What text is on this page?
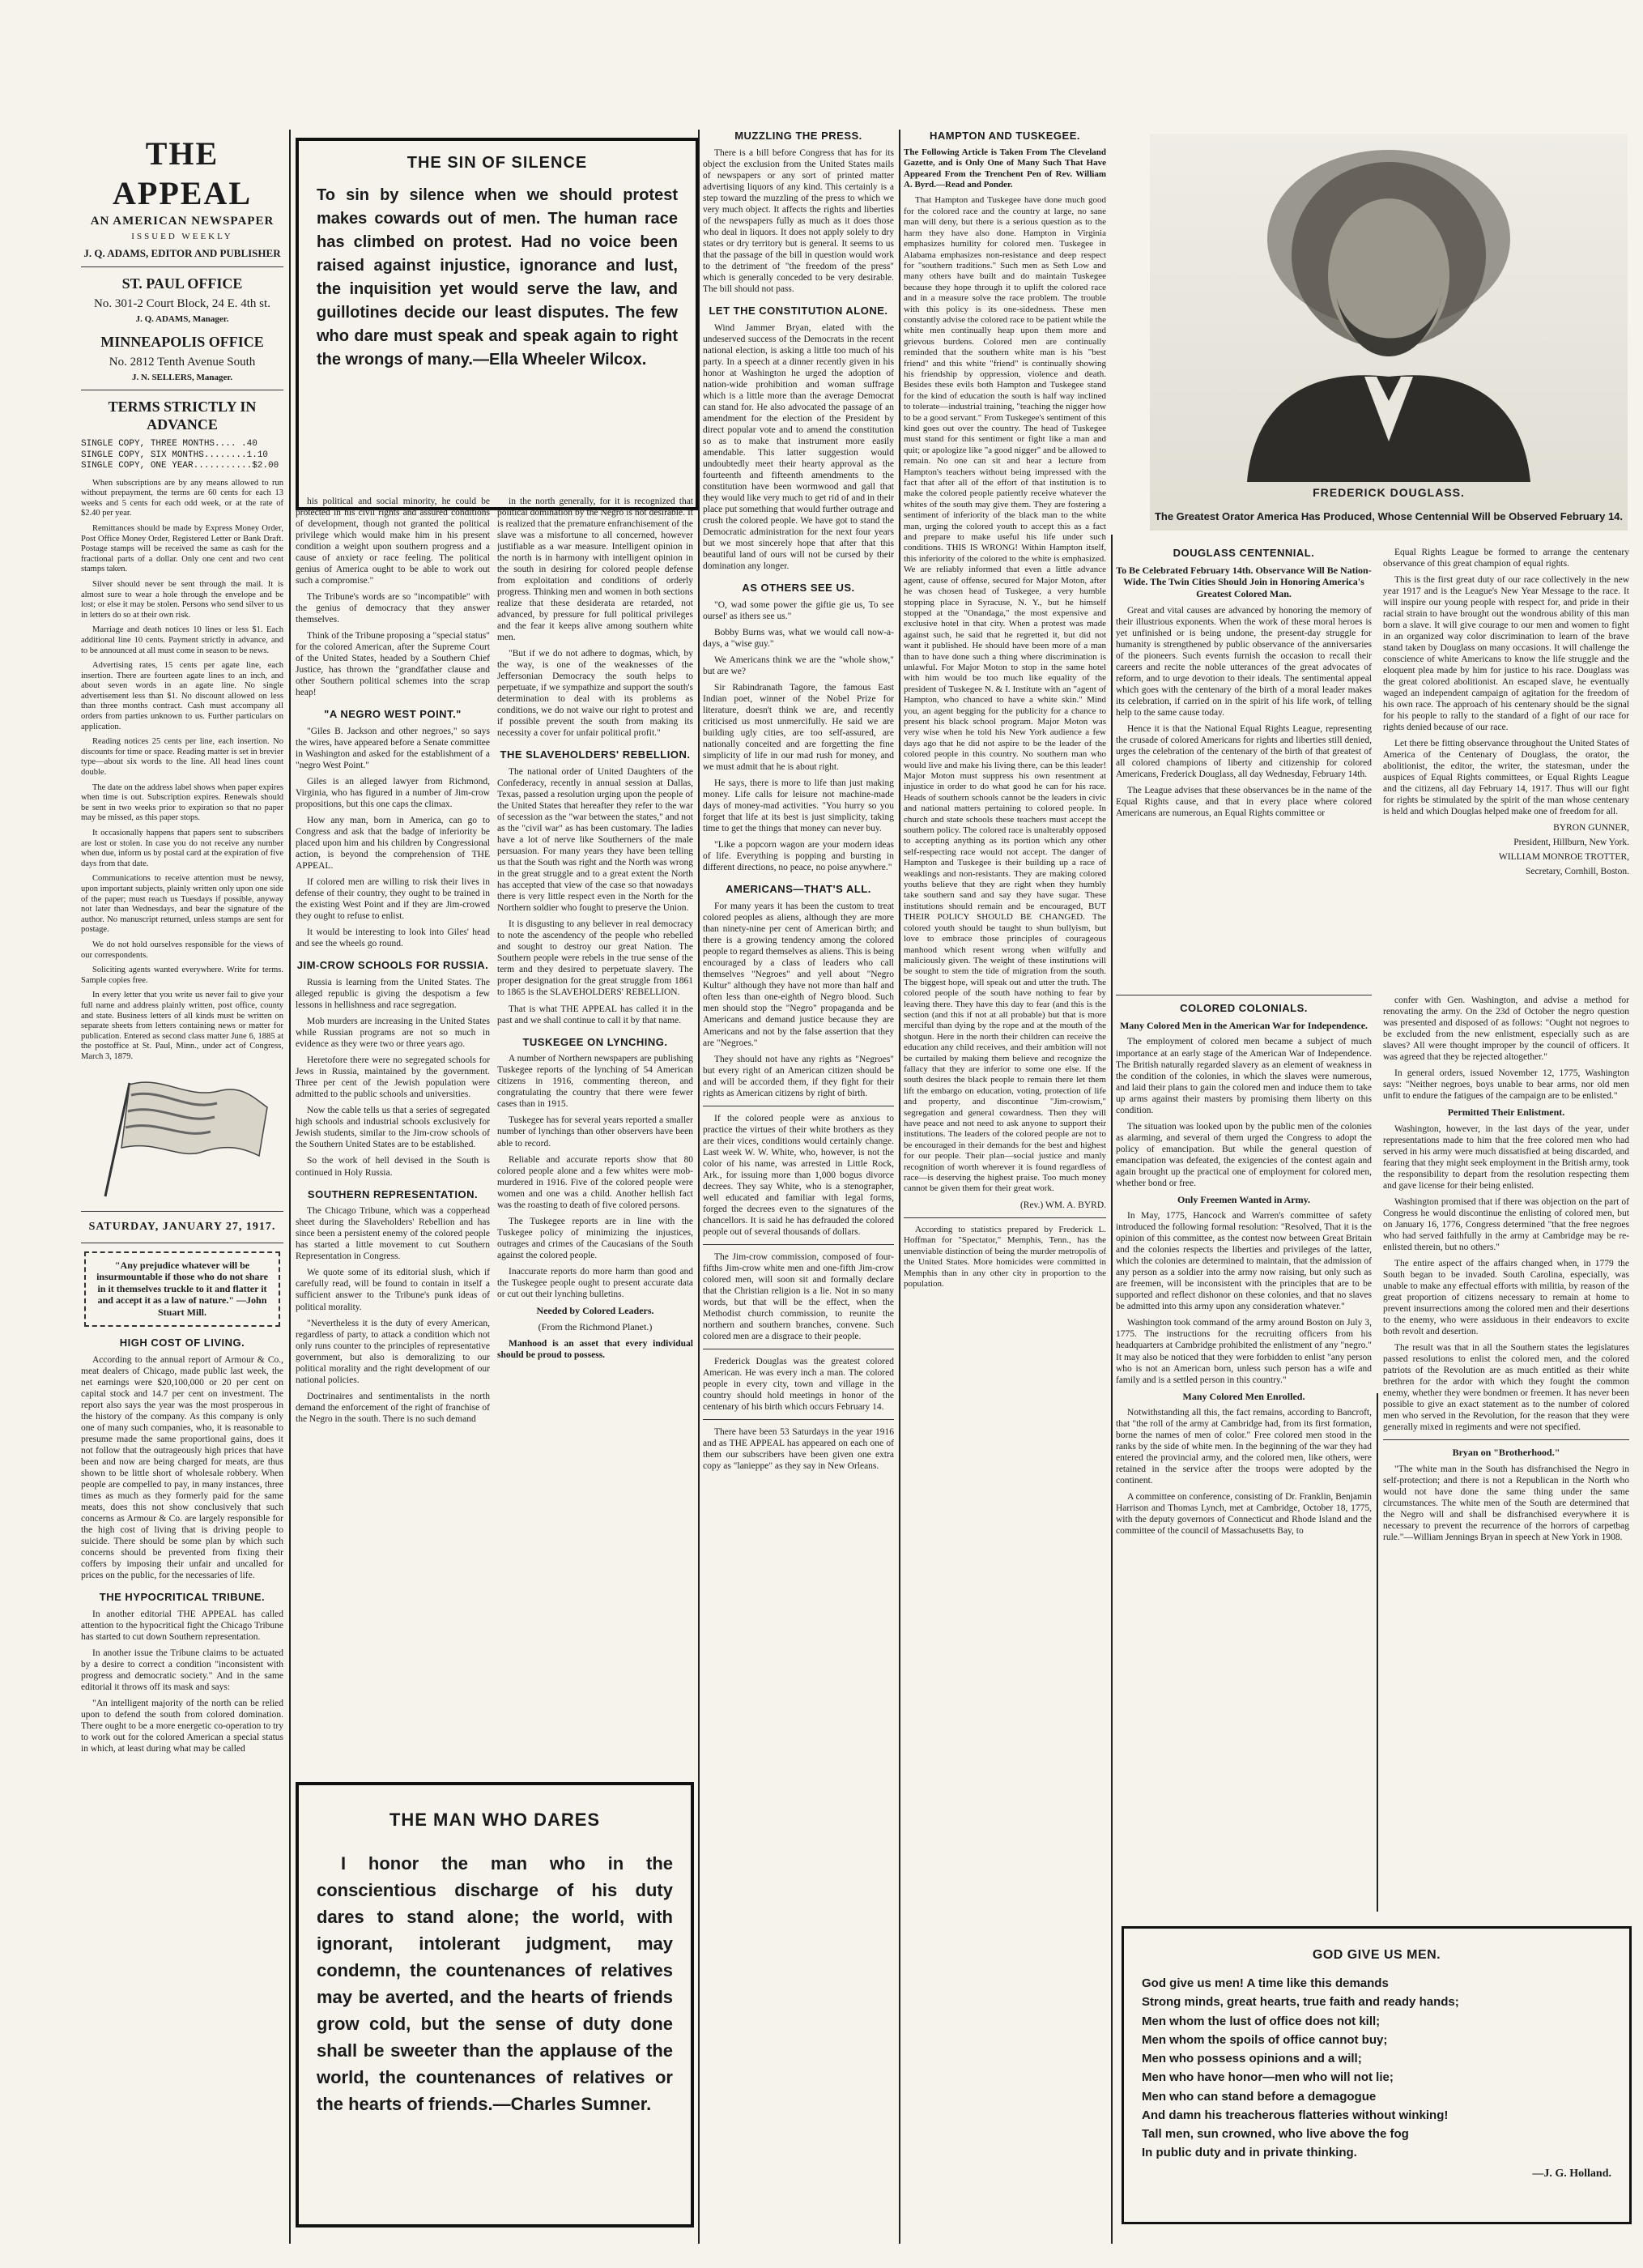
THE APPEAL
AN AMERICAN NEWSPAPER
ISSUED WEEKLY
J. Q. ADAMS, EDITOR AND PUBLISHER
ST. PAUL OFFICE
No. 301-2 Court Block, 24 E. 4th st.
J. Q. ADAMS, Manager.
MINNEAPOLIS OFFICE
No. 2812 Tenth Avenue South
J. N. SELLERS, Manager.
TERMS STRICTLY IN ADVANCE
SINGLE COPY, THREE MONTHS.... .40
SINGLE COPY, SIX MONTHS........1.10
SINGLE COPY, ONE YEAR...........$2.00

When subscriptions are by any means allowed to run without prepayment, the terms are 60 cents for each 13 weeks and 5 cents for each odd week, or at the rate of $2.40 per year.

Remittances should be made by Express Money Order, Post Office Money Order, Registered Letter or Bank Draft. Postage stamps will be received the same as cash for the fractional parts of a dollar. Only one cent and two cent stamps taken.

Silver should never be sent through the mail. It is almost sure to wear a hole through the envelope and be lost; or else it may be stolen. Persons who send silver to us in letters do so at their own risk.

Marriage and death notices 10 lines or less $1. Each additional line 10 cents. Payment strictly in advance, and to be announced at all must come in season to be news.

Advertising rates, 15 cents per agate line, each insertion. There are fourteen agate lines to an inch, and about seven words in an agate line. No single advertisement less than $1. No discount allowed on less than three months contract. Cash must accompany all orders from parties unknown to us. Further particulars on application.

Reading notices 25 cents per line, each insertion. No discounts for time or space. Reading matter is set in brevier type—about six words to the line. All head lines count double.

The date on the address label shows when paper expires when time is out. Subscription expires. Renewals should be sent in two weeks prior to expiration so that no paper may be missed, as this paper stops.

It occasionally happens that papers sent to subscribers are lost or stolen. In case you do not receive any number when due, inform us by postal card at the expiration of five days from that date.

Communications to receive attention must be newsy, upon important subjects, plainly written only upon one side of the paper; must reach us Tuesdays if possible, anyway not later than Wednesdays, and bear the signature of the author. No manuscript returned, unless stamps are sent for postage.

We do not hold ourselves responsible for the views of our correspondents.

Soliciting agents wanted everywhere. Write for terms. Sample copies free.

In every letter that you write us never fail to give your full name and address plainly written, post office, county and state. Business letters of all kinds must be written on separate sheets from letters containing news or matter for publication. Entered as second class matter June 6, 1885 at the postoffice at St. Paul, Minn., under act of Congress, March 3, 1879.

SATURDAY, JANUARY 27, 1917.
"Any prejudice whatever will be insurmountable if those who do not share in it themselves truckle to it and flatter it and accept it as a law of nature." —John Stuart Mill.
HIGH COST OF LIVING.

According to the annual report of Armour & Co., meat dealers of Chicago, made public last week, the net earnings were $20,100,000 or 20 per cent on capital stock and 14.7 per cent on investment. The report also says the year was the most prosperous in the history of the company. As this company is only one of many such companies, who, it is reasonable to presume made the same proportional gains, does it not follow that the outrageously high prices that have been and now are being charged for meats, are thus shown to be little short of wholesale robbery. When people are compelled to pay, in many instances, three times as much as they formerly paid for the same meats, does this not show conclusively that such concerns as Armour & Co. are largely responsible for the high cost of living that is driving people to suicide. There should be some plan by which such concerns should be prevented from fixing their coffers by imposing their unfair and uncalled for prices on the public, for the necessaries of life.

THE HYPOCRITICAL TRIBUNE.

In another editorial THE APPEAL has called attention to the hypocritical fight the Chicago Tribune has started to cut down Southern representation.

In another issue the Tribune claims to be actuated by a desire to correct a condition "inconsistent with progress and democratic society." And in the same editorial it throws off its mask and says:

"An intelligent majority of the north can be relied upon to defend the south from colored domination. There ought to be a more energetic co-operation to try to work out for the colored American a special status in which, at least during what may be called

THE SIN OF SILENCE
To sin by silence when we should protest makes cowards out of men. The human race has climbed on protest. Had no voice been raised against injustice, ignorance and lust, the inquisition yet would serve the law, and guillotines decide our least disputes. The few who dare must speak and speak again to right the wrongs of many.—Ella Wheeler Wilcox.

his political and social minority, he could be protected in his civil rights and assured conditions of development, though not granted the political privilege which would make him in his present condition a weight upon southern progress and a cause of anxiety or race feeling. The political genius of America ought to be able to work out such a compromise."

The Tribune's words are so "incompatible" with the genius of democracy that they answer themselves.

Think of the Tribune proposing a "special status" for the colored American, after the Supreme Court of the United States, headed by a Southern Chief Justice, has thrown the "grandfather clause and other Southern political schemes into the scrap heap!

"A NEGRO WEST POINT."

"Giles B. Jackson and other negroes," so says the wires, have appeared before a Senate committee in Washington and asked for the establishment of a "negro West Point."

Giles is an alleged lawyer from Richmond, Virginia, who has figured in a number of Jim-crow propositions, but this one caps the climax.

How any man, born in America, can go to Congress and ask that the badge of inferiority be placed upon him and his children by Congressional action, is beyond the comprehension of THE APPEAL.

If colored men are willing to risk their lives in defense of their country, they ought to be trained in the existing West Point and if they are Jim-crowed they ought to refuse to enlist.

It would be interesting to look into Giles' head and see the wheels go round.

JIM-CROW SCHOOLS FOR RUSSIA.

Russia is learning from the United States. The alleged republic is giving the despotism a few lessons in hellishness and race segregation.

Mob murders are increasing in the United States while Russian programs are not so much in evidence as they were two or three years ago.

Heretofore there were no segregated schools for Jews in Russia, maintained by the government. Three per cent of the Jewish population were admitted to the public schools and universities.

Now the cable tells us that a series of segregated high schools and industrial schools exclusively for Jewish students, similar to the Jim-crow schools of the Southern United States are to be established.

So the work of hell devised in the South is continued in Holy Russia.

SOUTHERN REPRESENTATION.

The Chicago Tribune, which was a copperhead sheet during the Slaveholders' Rebellion and has since been a persistent enemy of the colored people has started a little movement to cut Southern Representation in Congress.

We quote some of its editorial slush, which if carefully read, will be found to contain in itself a sufficient answer to the Tribune's punk ideas of political morality.

"Nevertheless it is the duty of every American, regardless of party, to attack a condition which not only runs counter to the principles of representative government, but also is demoralizing to our political morality and the right development of our national policies.

Doctrinaires and sentimentalists in the north demand the enforcement of the right of franchise of the Negro in the south. There is no such demand

in the north generally, for it is recognized that political domination by the Negro is not desirable. It is realized that the premature enfranchisement of the slave was a misfortune to all concerned, however justifiable as a war measure. Intelligent opinion in the north is in harmony with intelligent opinion in the south in desiring for colored people defense from exploitation and conditions of orderly progress. Thinking men and women in both sections realize that these desiderata are retarded, not advanced, by pressure for full political privileges and the fear it keeps alive among southern white men.

"But if we do not adhere to dogmas, which, by the way, is one of the weaknesses of the Jeffersonian Democracy the south helps to perpetuate, if we sympathize and support the south's determination to deal with its problems as conditions, we do not waive our right to protest and if possible prevent the south from making its necessity a cover for unfair political profit."

THE SLAVEHOLDERS' REBELLION.

The national order of United Daughters of the Confederacy, recently in annual session at Dallas, Texas, passed a resolution urging upon the people of the United States that hereafter they refer to the war of secession as the "war between the states," and not as the "civil war" as has been customary. The ladies have a lot of nerve like Southerners of the male persuasion. For many years they have been telling us that the South was right and the North was wrong in the great struggle and to a great extent the North has accepted that view of the case so that nowadays there is very little respect even in the North for the Northern soldier who fought to preserve the Union.

It is disgusting to any believer in real democracy to note the ascendency of the people who rebelled and sought to destroy our great Nation. The Southern people were rebels in the true sense of the term and they desired to perpetuate slavery. The proper designation for the great struggle from 1861 to 1865 is the SLAVEHOLDERS' REBELLION.

That is what THE APPEAL has called it in the past and we shall continue to call it by that name.

TUSKEGEE ON LYNCHING.

A number of Northern newspapers are publishing Tuskegee reports of the lynching of 54 American citizens in 1916, commenting thereon, and congratulating the country that there were fewer cases than in 1915.

Tuskegee has for several years reported a smaller number of lynchings than other observers have been able to record.

Reliable and accurate reports show that 80 colored people alone and a few whites were mob-murdered in 1916. Five of the colored people were women and one was a child. Another hellish fact was the roasting to death of five colored persons.

The Tuskegee reports are in line with the Tuskegee policy of minimizing the injustices, outrages and crimes of the Caucasians of the South against the colored people.

Inaccurate reports do more harm than good and the Tuskegee people ought to present accurate data or cut out their lynching bulletins.

Needed by Colored Leaders.
(From the Richmond Planet.)

Manhood is an asset that every individual should be proud to possess.

THE MAN WHO DARES
I honor the man who in the conscientious discharge of his duty dares to stand alone; the world, with ignorant, intolerant judgment, may condemn, the countenances of relatives may be averted, and the hearts of friends grow cold, but the sense of duty done shall be sweeter than the applause of the world, the countenances of relatives or the hearts of friends.—Charles Sumner.
MUZZLING THE PRESS.

There is a bill before Congress that has for its object the exclusion from the United States mails of newspapers or any sort of printed matter advertising liquors of any kind. This certainly is a step toward the muzzling of the press to which we very much object. It affects the rights and liberties of the newspapers fully as much as it does those who deal in liquors. It does not apply solely to dry states or dry territory but is general. It seems to us that the passage of the bill in question would work to the detriment of "the freedom of the press" which is generally conceded to be very desirable. The bill should not pass.

LET THE CONSTITUTION ALONE.

Wind Jammer Bryan, elated with the undeserved success of the Democrats in the recent national election, is asking a little too much of his party. In a speech at a dinner recently given in his honor at Washington he urged the adoption of nation-wide prohibition and woman suffrage which is a little more than the average Democrat can stand for. He also advocated the passage of an amendment for the election of the President by direct popular vote and to amend the constitution so as to make that instrument more easily amendable. This latter suggestion would undoubtedly meet their hearty approval as the fourteenth and fifteenth amendments to the constitution have been wormwood and gall that they would like very much to get rid of and in their place put something that would further outrage and crush the colored people. We have got to stand the Democratic administration for the next four years but we most sincerely hope that after that this beautiful land of ours will not be cursed by their domination any longer.

AS OTHERS SEE US.

"O, wad some power the giftie gie us, To see oursel' as ithers see us."

Bobby Burns was, what we would call now-a-days, a "wise guy."

We Americans think we are the "whole show," but are we?

Sir Rabindranath Tagore, the famous East Indian poet, winner of the Nobel Prize for literature, doesn't think we are, and recently criticised us most unmercifully. He said we are building ugly cities, are too self-assured, are nationally conceited and are forgetting the fine simplicity of life in our mad rush for money, and we must admit that he is about right.

He says, there is more to life than just making money. Life calls for leisure not machine-made days of money-mad activities. "You hurry so you forget that life at its best is just simplicity, taking time to get the things that money can never buy.

"Like a popcorn wagon are your modern ideas of life. Everything is popping and bursting in different directions, no peace, no poise anywhere."

AMERICANS—THAT'S ALL.

For many years it has been the custom to treat colored peoples as aliens, although they are more than ninety-nine per cent of American birth; and there is a growing tendency among the colored people to regard themselves as aliens. This is being encouraged by a class of leaders who call themselves "Negroes" and yell about "Negro Kultur" although they have not more than half and often less than one-eighth of Negro blood. Such men should stop the "Negro" propaganda and be Americans and demand justice because they are Americans and not by the false assertion that they are "Negroes."

They should not have any rights as "Negroes" but every right of an American citizen should be and will be accorded them, if they fight for their rights as American citizens by right of birth.

If the colored people were as anxious to practice the virtues of their white brothers as they are their vices, conditions would certainly change. Last week W. W. White, who, however, is not the color of his name, was arrested in Little Rock, Ark., for issuing more than 1,000 bogus divorce decrees. They say White, who is a stenographer, well educated and familiar with legal forms, forged the decrees even to the signatures of the chancellors. It is said he has defrauded the colored people out of several thousands of dollars.

The Jim-crow commission, composed of four-fifths Jim-crow white men and one-fifth Jim-crow colored men, will soon sit and formally declare that the Christian religion is a lie. Not in so many words, but that will be the effect, when the Methodist church commission, to reunite the northern and southern branches, convene. Such colored men are a disgrace to their people.

Frederick Douglas was the greatest colored American. He was every inch a man. The colored people in every city, town and village in the country should hold meetings in honor of the centenary of his birth which occurs February 14.

There have been 53 Saturdays in the year 1916 and as THE APPEAL has appeared on each one of them our subscribers have been given one extra copy as "lanieppe" as they say in New Orleans.

HAMPTON AND TUSKEGEE.

The Following Article is Taken From The Cleveland Gazette, and is Only One of Many Such That Have Appeared From the Trenchent Pen of Rev. William A. Byrd.—Read and Ponder.

That Hampton and Tuskegee have done much good for the colored race and the country at large, no sane man will deny, but there is a serious question as to the harm they have also done. Hampton in Virginia emphasizes humility for colored men. Tuskegee in Alabama emphasizes non-resistance and deep respect for "southern traditions." Such men as Seth Low and many others have built and do maintain Tuskegee because they hope through it to uplift the colored race and in a measure solve the race problem. The trouble with this policy is its one-sidedness. These men constantly advise the colored race to be patient while the white men continually heap upon them more and grievous burdens. Colored men are continually reminded that the southern white man is his "best friend" and this white "friend" is continually showing his friendship by oppression, violence and death. Besides these evils both Hampton and Tuskegee stand for the kind of education the south is half way inclined to tolerate—industrial training, "teaching the nigger how to be a good servant." From Tuskegee's sentiment of this kind goes out over the country. The head of Tuskegee must stand for this sentiment or fight like a man and quit; or apologize like "a good nigger" and be allowed to remain. No one can sit and hear a lecture from Hampton's teachers without being impressed with the fact that after all of the effort of that institution is to make the colored people patiently receive whatever the whites of the south may give them. They are fostering a sentiment of inferiority of the black man to the white man, urging the colored youth to accept this as a fact and prepare to make useful his life under such conditions. THIS IS WRONG! Within Hampton itself, this inferiority of the colored to the white is emphasized. We are reliably informed that even a little advance agent, cause of offense, secured for Major Moton, after he was chosen head of Tuskegee, a very humble stopping place in Syracuse, N. Y., but he himself stopped at the "Onandaga," the most expensive and exclusive hotel in that city. When a protest was made against such, he said that he regretted it, but did not want it published. He should have been more of a man than to have done such a thing where discrimination is unlawful. For Major Moton to stop in the same hotel with him would be too much like equality of the president of Tuskegee N. & I. Institute with an "agent of Hampton, who chanced to have a white skin." Mind you, an agent begging for the publicity for a chance to present his black school program. Major Moton was very wise when he told his New York audience a few days ago that he did not aspire to be the leader of the colored people in this country. No southern man who would live and make his living there, can be this leader! Major Moton must suppress his own resentment at injustice in order to do what good he can for his race. Heads of southern schools cannot be the leaders in civic and national matters pertaining to colored people. In church and state schools these teachers must accept the southern policy. The colored race is unalterably opposed to accepting anything as its portion which any other self-respecting race would not accept. The danger of Hampton and Tuskegee is their building up a race of weaklings and non-resistants. They are making colored youths believe that they are right when they humbly take southern sand and say they have sugar. These institutions should remain and be encouraged, BUT THEIR POLICY SHOULD BE CHANGED. The colored youth should be taught to shun bullyism, but love to embrace those principles of courageous manhood which resent wrong when wilfully and maliciously given. The weight of these institutions will be sought to stem the tide of migration from the south. The biggest hope, will speak out and utter the truth. The colored people of the south have nothing to fear by leaving there. They have this day to fear (and this is the section (and this if not at all probable) but that is more merciful than dying by the rope and at the mouth of the shotgun. Here in the north their children can receive the education any child receives, and their ambition will not be curtailed by making them believe and recognize the fallacy that they are inferior to some one else. If the south desires the black people to remain there let them lift the embargo on education, voting, protection of life and property, and discontinue "Jim-crowism," segregation and general cowardness. Then they will have peace and not need to ask anyone to support their institutions. The leaders of the colored people are not to be encouraged in their demands for the best and highest for our people. Their plan—social justice and manly recognition of worth wherever it is found regardless of race—is deserving the highest praise. Too much money cannot be given them for their great work.

(Rev.) WM. A. BYRD.

According to statistics prepared by Frederick L. Hoffman for "Spectator," Memphis, Tenn., has the unenviable distinction of being the murder metropolis of the United States. More homicides were committed in Memphis than in any other city in proportion to the population.

FREDERICK DOUGLASS.
The Greatest Orator America Has Produced, Whose Centennial Will be Observed February 14.
DOUGLASS CENTENNIAL.
To Be Celebrated February 14th. Observance Will Be Nation-Wide. The Twin Cities Should Join in Honoring America's Greatest Colored Man.

Great and vital causes are advanced by honoring the memory of their illustrious exponents. When the work of these moral heroes is yet unfinished or is being undone, the present-day struggle for humanity is strengthened by public observance of the anniversaries of the pioneers. Such events furnish the occasion to recall their careers and recite the noble utterances of the great advocates of reform, and to urge devotion to their ideals. The sentimental appeal which goes with the centenary of the birth of a moral leader makes its celebration, if carried on in the spirit of his life work, of telling help to the same cause today.

Hence it is that the National Equal Rights League, representing the crusade of colored Americans for rights and liberties still denied, urges the celebration of the centenary of the birth of that greatest of all colored champions of liberty and citizenship for colored Americans, Frederick Douglass, all day Wednesday, February 14th.

The League advises that these observances be in the name of the Equal Rights cause, and that in every place where colored Americans are numerous, an Equal Rights committee or

Equal Rights League be formed to arrange the centenary observance of this great champion of equal rights.

This is the first great duty of our race collectively in the new year 1917 and is the League's New Year Message to the race. It will inspire our young people with respect for, and pride in their racial strain to have brought out the wondrous ability of this man born a slave. It will give courage to our men and women to fight in an organized way color discrimination to learn of the brave stand taken by Douglass on many occasions. It will challenge the conscience of white Americans to know the life struggle and the eloquent plea made by him for justice to his race. Douglass was the great colored abolitionist. An escaped slave, he eventually waged an independent campaign of agitation for the freedom of his own race. The approach of his centenary should be the signal for his people to rally to the standard of a fight of our race for rights denied because of our race.

Let there be fitting observance throughout the United States of America of the Centenary of Douglass, the orator, the abolitionist, the editor, the writer, the statesman, under the auspices of Equal Rights committees, or Equal Rights League and the citizens, all day February 14, 1917. Thus will our fight for rights be stimulated by the spirit of the man whose centenary is held and which Douglas helped make one of freedom for all.

BYRON GUNNER,
President, Hillburn, New York.
WILLIAM MONROE TROTTER,
Secretary, Cornhill, Boston.
COLORED COLONIALS.
Many Colored Men in the American War for Independence.

The employment of colored men became a subject of much importance at an early stage of the American War of Independence. The British naturally regarded slavery as an element of weakness in the condition of the colonies, in which the slaves were numerous, and laid their plans to gain the colored men and induce them to take up arms against their masters by promising them liberty on this condition.

The situation was looked upon by the public men of the colonies as alarming, and several of them urged the Congress to adopt the policy of emancipation. But while the general question of emancipation was defeated, the exigencies of the contest again and again brought up the practical one of employment for colored men, whether bond or free.

Only Freemen Wanted in Army.

In May, 1775, Hancock and Warren's committee of safety introduced the following formal resolution: "Resolved, That it is the opinion of this committee, as the contest now between Great Britain and the colonies respects the liberties and privileges of the latter, which the colonies are determined to maintain, that the admission of any person as a soldier into the army now raising, but only such as are freemen, will be inconsistent with the principles that are to be supported and reflect dishonor on these colonies, and that no slaves be admitted into this army upon any consideration whatever."

Washington took command of the army around Boston on July 3, 1775. The instructions for the recruiting officers from his headquarters at Cambridge prohibited the enlistment of any "negro." It may also be noticed that they were forbidden to enlist "any person who is not an American born, unless such person has a wife and family and is a settled person in this country."

Many Colored Men Enrolled.

Notwithstanding all this, the fact remains, according to Bancroft, that "the roll of the army at Cambridge had, from its first formation, borne the names of men of color." Free colored men stood in the ranks by the side of white men. In the beginning of the war they had entered the provincial army, and the colored men, like others, were retained in the service after the troops were adopted by the continent.

A committee on conference, consisting of Dr. Franklin, Benjamin Harrison and Thomas Lynch, met at Cambridge, October 18, 1775, with the deputy governors of Connecticut and Rhode Island and the committee of the council of Massachusetts Bay, to

confer with Gen. Washington, and advise a method for renovating the army. On the 23d of October the negro question was presented and disposed of as follows: "Ought not negroes to be excluded from the new enlistment, especially such as are slaves? All were thought improper by the council of officers. It was agreed that they be rejected altogether."

In general orders, issued November 12, 1775, Washington says: "Neither negroes, boys unable to bear arms, nor old men unfit to endure the fatigues of the campaign are to be enlisted."

Permitted Their Enlistment.

Washington, however, in the last days of the year, under representations made to him that the free colored men who had served in his army were much dissatisfied at being discarded, and fearing that they might seek employment in the British army, took the responsibility to depart from the resolution respecting them and gave license for their being enlisted.

Washington promised that if there was objection on the part of Congress he would discontinue the enlisting of colored men, but on January 16, 1776, Congress determined "that the free negroes who had served faithfully in the army at Cambridge may be re-enlisted therein, but no others."

The entire aspect of the affairs changed when, in 1779 the South began to be invaded. South Carolina, especially, was unable to make any effectual efforts with militia, by reason of the great proportion of citizens necessary to remain at home to prevent insurrections among the colored men and their desertions to the enemy, who were assiduous in their endeavors to excite both revolt and desertion.

The result was that in all the Southern states the legislatures passed resolutions to enlist the colored men, and the colored patriots of the Revolution are as much entitled as their white brethren for the ardor with which they fought the common enemy, whether they were bondmen or freemen. It has never been possible to give an exact statement as to the number of colored men who served in the Revolution, for the reason that they were generally mixed in regiments and were not specified.

Bryan on "Brotherhood."

"The white man in the South has disfranchised the Negro in self-protection; and there is not a Republican in the North who would not have done the same thing under the same circumstances. The white men of the South are determined that the Negro will and shall be disfranchised everywhere it is necessary to prevent the recurrence of the horrors of carpetbag rule."—William Jennings Bryan in speech at New York in 1908.

GOD GIVE US MEN.
God give us men! A time like this demands
Strong minds, great hearts, true faith and ready hands;
Men whom the lust of office does not kill;
Men whom the spoils of office cannot buy;
Men who possess opinions and a will;
Men who have honor—men who will not lie;
Men who can stand before a demagogue
And damn his treacherous flatteries without winking!
Tall men, sun crowned, who live above the fog
In public duty and in private thinking.
—J. G. Holland.
